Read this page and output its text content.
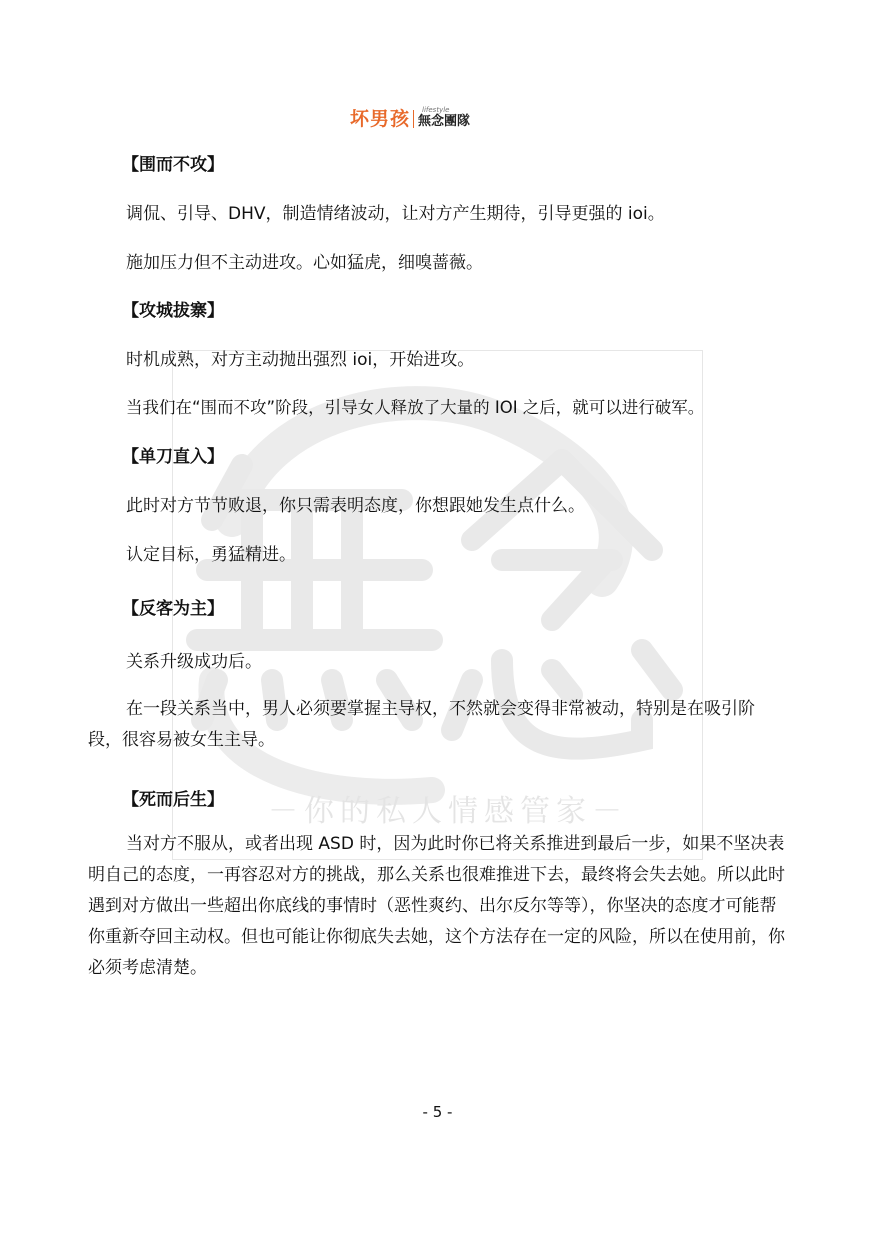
－你的私人情感管家－
坏男孩 lifestyle
無念團隊
【围而不攻】
调侃、引导、DHV，制造情绪波动，让对方产生期待，引导更强的 ioi。
施加压力但不主动进攻。心如猛虎，细嗅蔷薇。
【攻城拔寨】
时机成熟，对方主动抛出强烈 ioi，开始进攻。
当我们在“围而不攻”阶段，引导女人释放了大量的 IOI 之后，就可以进行破军。
【单刀直入】
此时对方节节败退，你只需表明态度，你想跟她发生点什么。
认定目标，勇猛精进。
【反客为主】
关系升级成功后。
在一段关系当中，男人必须要掌握主导权，不然就会变得非常被动，特别是在吸引阶段，很容易被女生主导。
【死而后生】
当对方不服从，或者出现 ASD 时，因为此时你已将关系推进到最后一步，如果不坚决表明自己的态度，一再容忍对方的挑战，那么关系也很难推进下去，最终将会失去她。所以此时遇到对方做出一些超出你底线的事情时（恶性爽约、出尔反尔等等），你坚决的态度才可能帮你重新夺回主动权。但也可能让你彻底失去她，这个方法存在一定的风险，所以在使用前，你必须考虑清楚。
- 5 -
